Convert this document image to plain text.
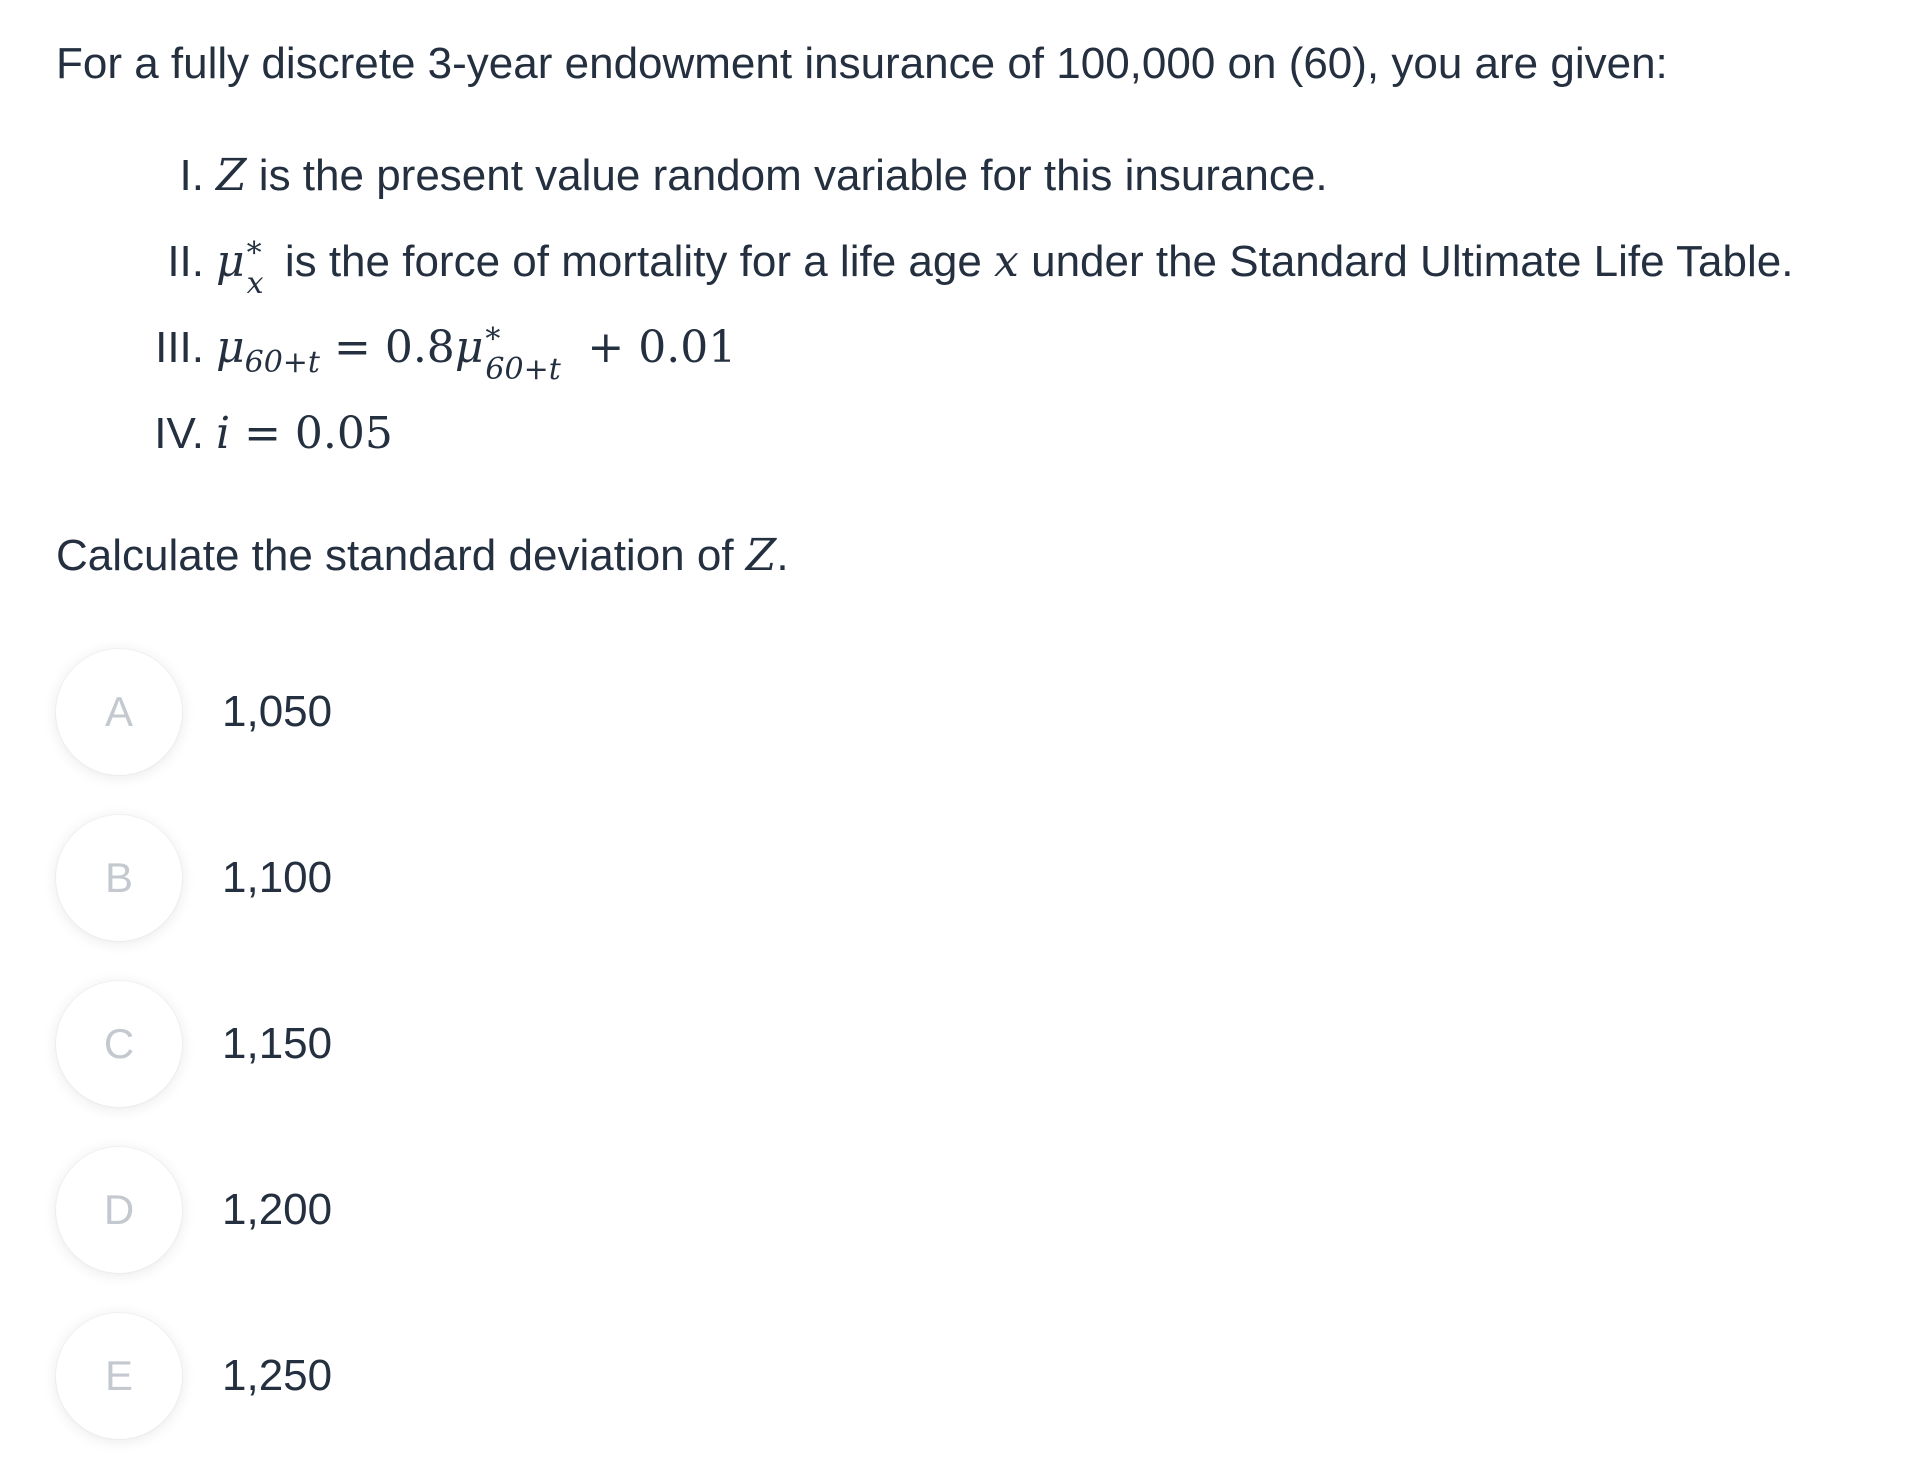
For a fully discrete 3-year endowment insurance of 100,000 on (60), you are given:
I. Z is the present value random variable for this insurance.
II. μ *
x is the force of mortality for a life age x under the Standard Ultimate Life Table.
III. $\mu_{60+t} = 0.8\mu$ *
60+t + 0.01
IV. i = 0.05
Calculate the standard deviation of Z.
A 1,050
B 1,100
C 1,150
D 1,200
E 1,250
